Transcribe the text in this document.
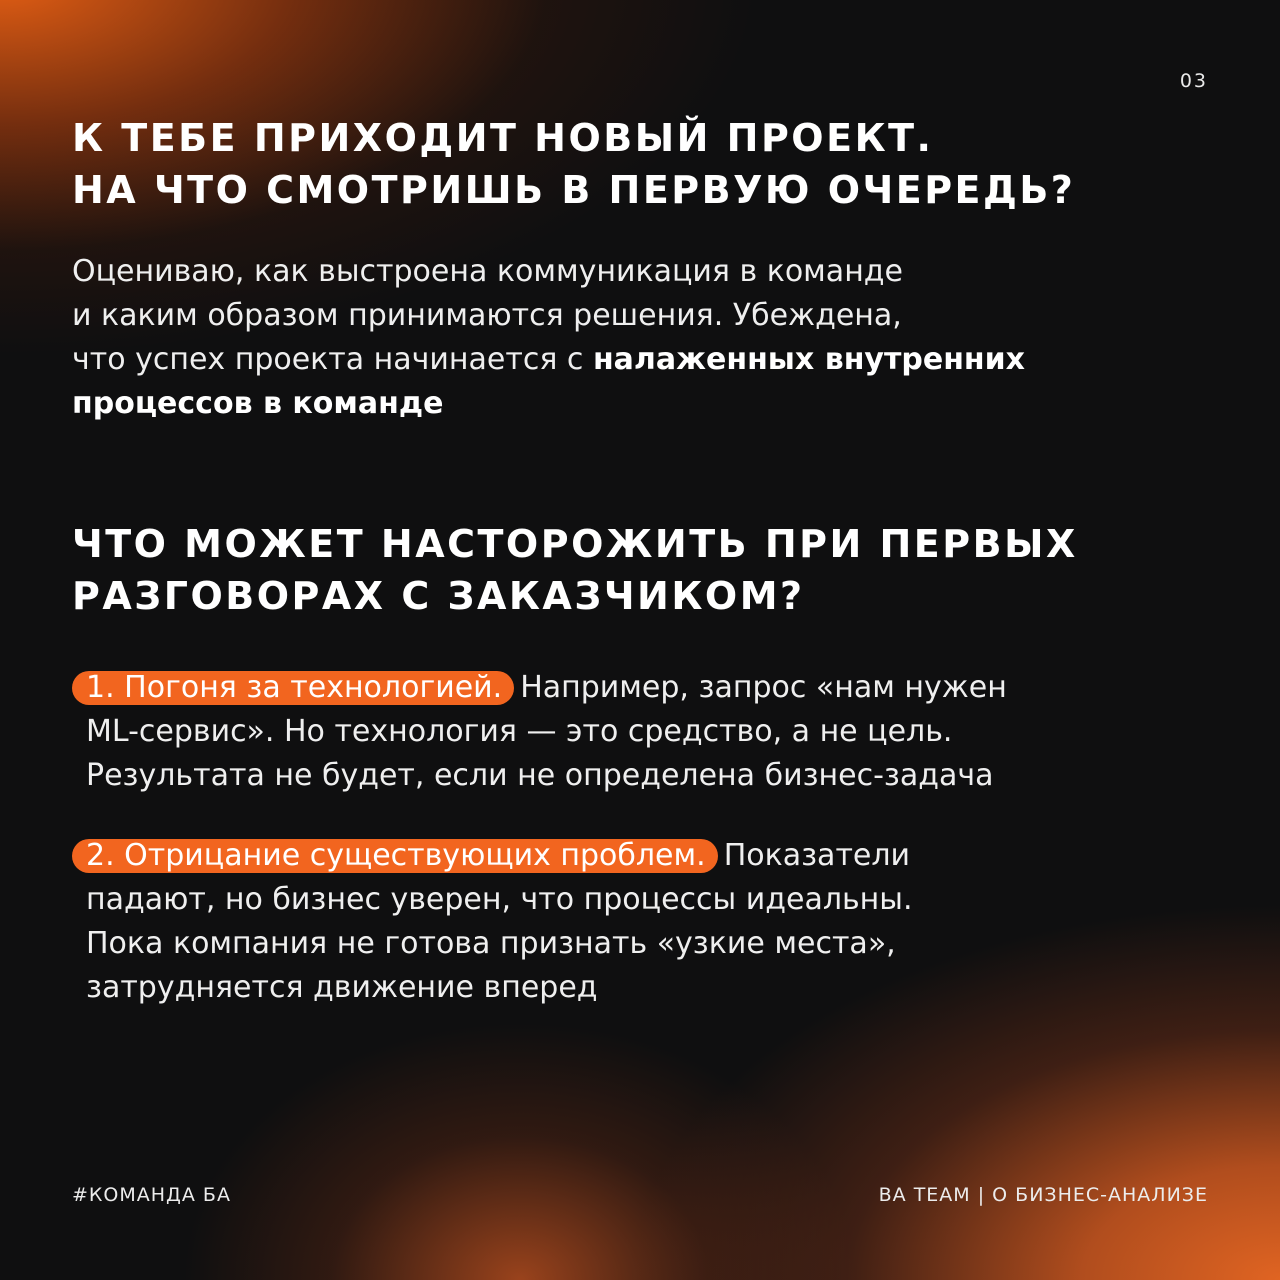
03
К ТЕБЕ ПРИХОДИТ НОВЫЙ ПРОЕКТ.
НА ЧТО СМОТРИШЬ В ПЕРВУЮ ОЧЕРЕДЬ?
Оцениваю, как выстроена коммуникация в команде
и каким образом принимаются решения. Убеждена,
что успех проекта начинается с налаженных внутренних
процессов в команде
ЧТО МОЖЕТ НАСТОРОЖИТЬ ПРИ ПЕРВЫХ
РАЗГОВОРАХ С ЗАКАЗЧИКОМ?
1. Погоня за технологией. Например, запрос «нам нужен

ML-сервис». Но технология — это средство, а не цель.
Результата не будет, если не определена бизнес-задача
2. Отрицание существующих проблем. Показатели

падают, но бизнес уверен, что процессы идеальны.
Пока компания не готова признать «узкие места»,
затрудняется движение вперед
#КОМАНДА БА	BA TEAM | О БИЗНЕС-АНАЛИЗЕ
